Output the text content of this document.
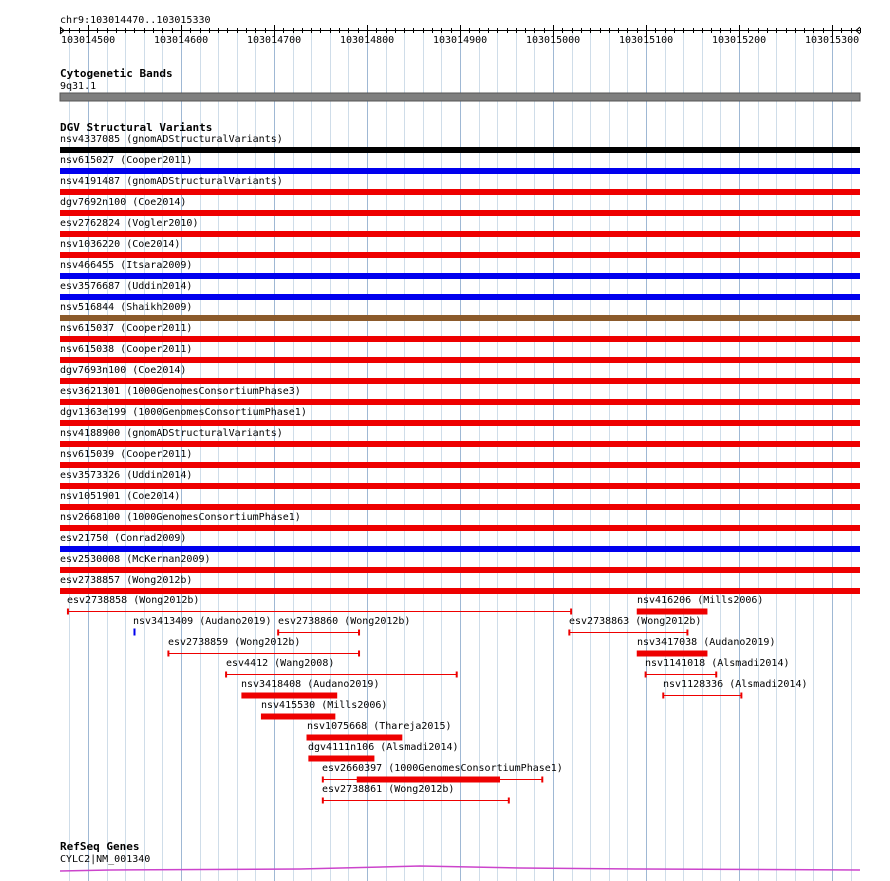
chr9:103014470..103015330
103014500	103014600	103014700	103014800	103014900	103015000	103015100	103015200	103015300
Cytogenetic Bands
9q31.1
DGV Structural Variants
nsv4337085 (gnomADStructuralVariants)
nsv615027 (Cooper2011)
nsv4191487 (gnomADStructuralVariants)
dgv7692n100 (Coe2014)
esv2762824 (Vogler2010)
nsv1036220 (Coe2014)
nsv466455 (Itsara2009)
esv3576687 (Uddin2014)
nsv516844 (Shaikh2009)
nsv615037 (Cooper2011)
nsv615038 (Cooper2011)
dgv7693n100 (Coe2014)
esv3621301 (1000GenomesConsortiumPhase3)
dgv1363e199 (1000GenomesConsortiumPhase1)
nsv4188900 (gnomADStructuralVariants)
nsv615039 (Cooper2011)
esv3573326 (Uddin2014)
nsv1051901 (Coe2014)
nsv2668100 (1000GenomesConsortiumPhase1)
esv21750 (Conrad2009)
esv2530008 (McKernan2009)
esv2738857 (Wong2012b)
esv2738858 (Wong2012b)	nsv416206 (Mills2006)
nsv3413409 (Audano2019) esv2738860 (Wong2012b)	esv2738863 (Wong2012b)
esv2738859 (Wong2012b)	nsv3417038 (Audano2019)
esv4412 (Wang2008)	nsv1141018 (Alsmadi2014)
nsv3418408 (Audano2019)	nsv1128336 (Alsmadi2014)
nsv415530 (Mills2006)
nsv1075668 (Thareja2015)
dgv4111n106 (Alsmadi2014)
esv2660397 (1000GenomesConsortiumPhase1)
esv2738861 (Wong2012b)
RefSeq Genes
CYLC2|NM_001340
